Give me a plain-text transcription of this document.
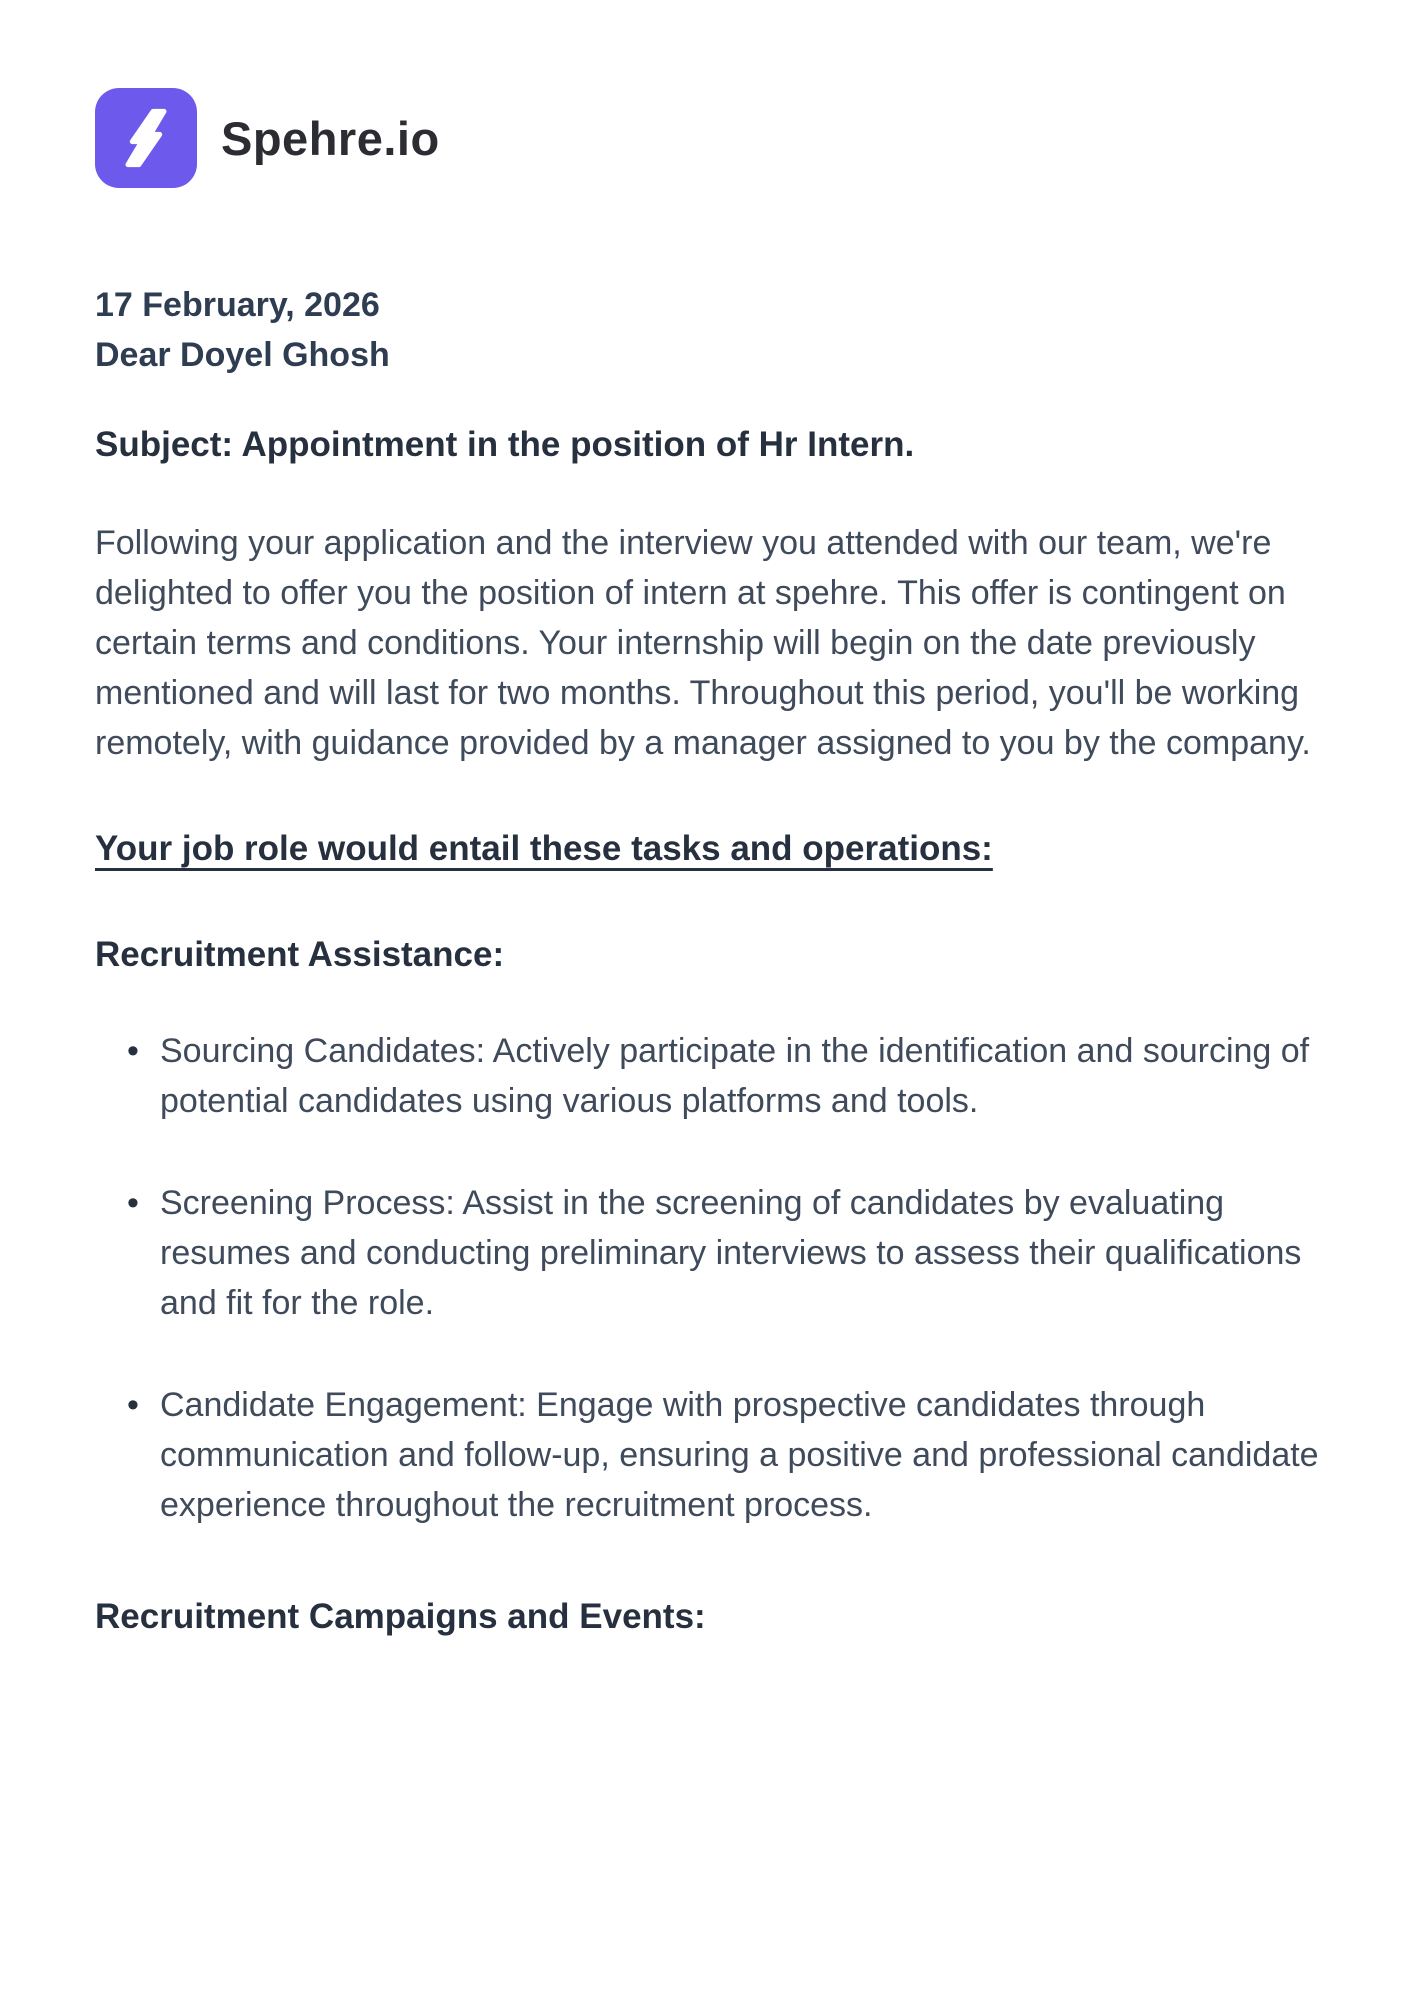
Spehre.io
17 February, 2026
Dear Doyel Ghosh
Subject: Appointment in the position of Hr Intern.

Following your application and the interview you attended with our team, we're delighted to offer you the position of intern at spehre. This offer is contingent on certain terms and conditions. Your internship will begin on the date previously mentioned and will last for two months. Throughout this period, you'll be working remotely, with guidance provided by a manager assigned to you by the company.

Your job role would entail these tasks and operations:
Recruitment Assistance:
• Sourcing Candidates: Actively participate in the identification and sourcing of potential candidates using various platforms and tools.
• Screening Process: Assist in the screening of candidates by evaluating resumes and conducting preliminary interviews to assess their qualifications and fit for the role.
• Candidate Engagement: Engage with prospective candidates through communication and follow-up, ensuring a positive and professional candidate experience throughout the recruitment process.
Recruitment Campaigns and Events:
